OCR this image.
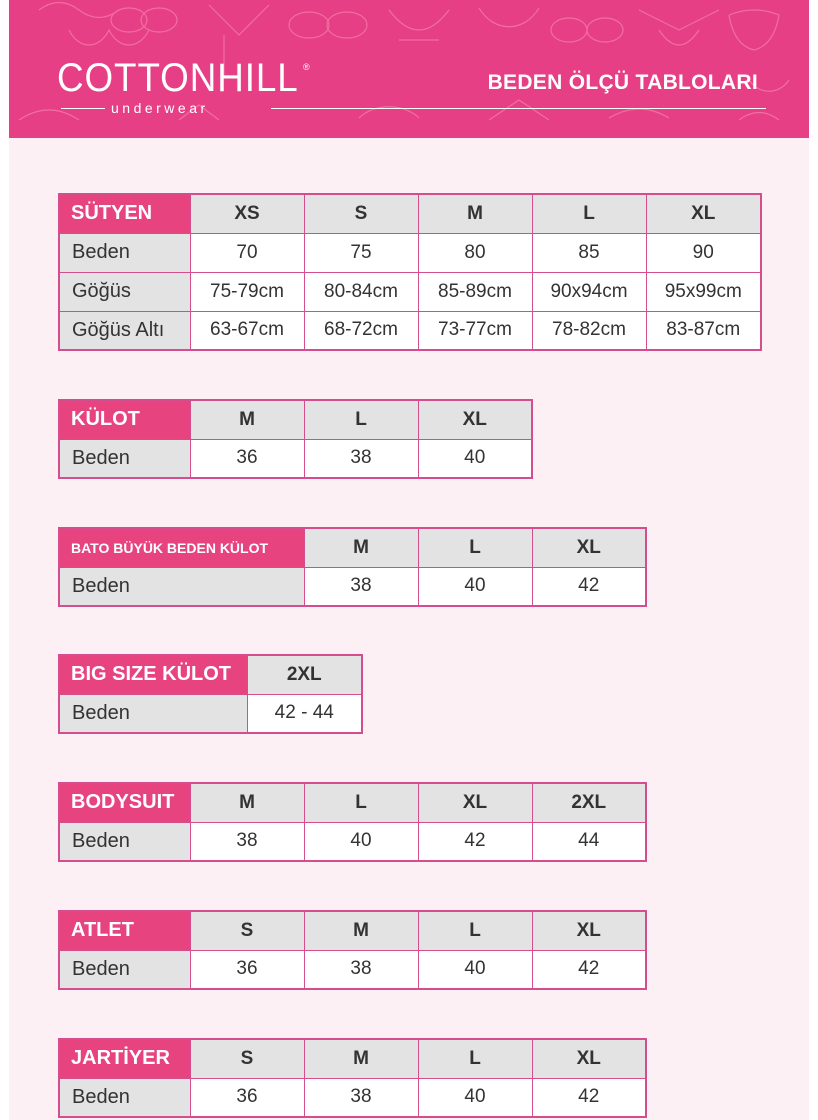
COTTONHILL ®
underwear
BEDEN ÖLÇÜ TABLOLARI
SÜTYEN	XS	S	M	L	XL
Beden	70	75	80	85	90
Göğüs	75-79cm	80-84cm	85-89cm	90x94cm	95x99cm
Göğüs Altı	63-67cm	68-72cm	73-77cm	78-82cm	83-87cm
KÜLOT	M	L	XL
Beden	36	38	40
BATO BÜYÜK BEDEN KÜLOT	M	L	XL
Beden	38	40	42
BIG SIZE KÜLOT	2XL
Beden	42 - 44
BODYSUIT	M	L	XL	2XL
Beden	38	40	42	44
ATLET	S	M	L	XL
Beden	36	38	40	42
JARTİYER	S	M	L	XL
Beden	36	38	40	42
